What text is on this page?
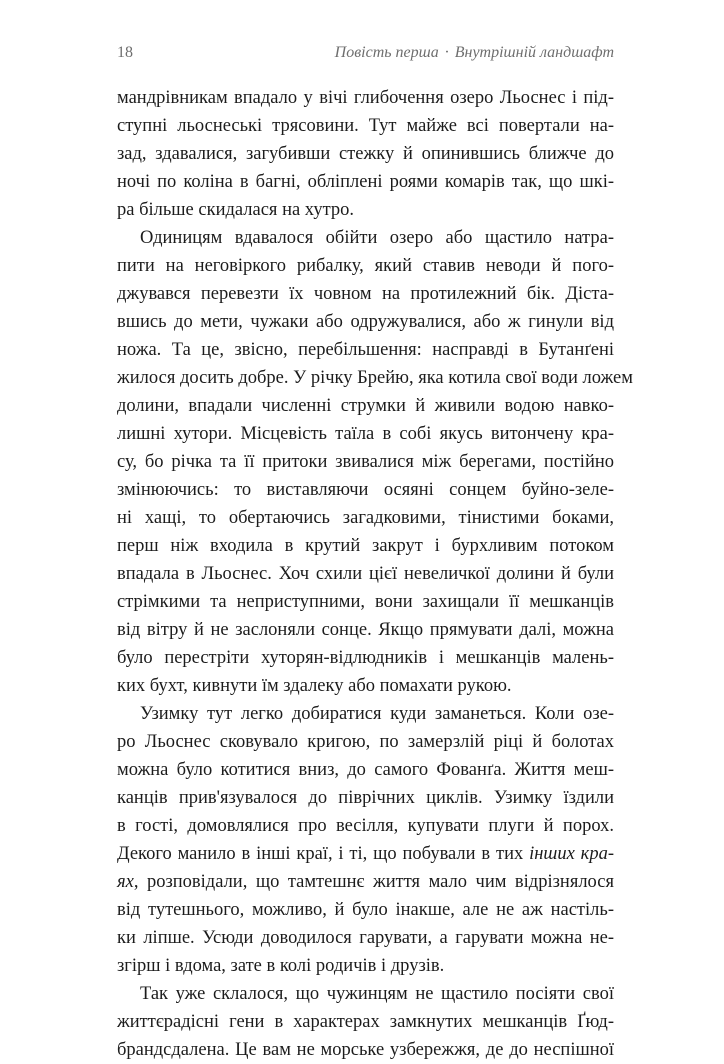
18	Повість перша · Внутрішній ландшафт
мандрівникам впадало у вічі глибочення озеро Льоснес і під-
ступні льоснеські трясовини. Тут майже всі повертали на-
зад, здавалися, загубивши стежку й опинившись ближче до
ночі по коліна в багні, обліплені роями комарів так, що шкі-
ра більше скидалася на хутро.
Одиницям вдавалося обійти озеро або щастило натра-
пити на неговіркого рибалку, який ставив неводи й пого-
джувався перевезти їх човном на протилежний бік. Діста-
вшись до мети, чужаки або одружувалися, або ж гинули від
ножа. Та це, звісно, перебільшення: насправді в Бутанґені
жилося досить добре. У річку Брейю, яка котила свої води ложем
долини, впадали численні струмки й живили водою навко-
лишні хутори. Місцевість таїла в собі якусь витончену кра-
су, бо річка та її притоки звивалися між берегами, постійно
змінюючись: то виставляючи осяяні сонцем буйно-зеле-
ні хащі, то обертаючись загадковими, тінистими боками,
перш ніж входила в крутий закрут і бурхливим потоком
впадала в Льоснес. Хоч схили цієї невеличкої долини й були
стрімкими та неприступними, вони захищали її мешканців
від вітру й не заслоняли сонце. Якщо прямувати далі, можна
було перестріти хуторян-відлюдників і мешканців малень-
ких бухт, кивнути їм здалеку або помахати рукою.
Узимку тут легко добиратися куди заманеться. Коли озе-
ро Льоснес сковувало кригою, по замерзлій ріці й болотах
можна було котитися вниз, до самого Фованґа. Життя меш-
канців прив'язувалося до піврічних циклів. Узимку їздили
в гості, домовлялися про весілля, купувати плуги й порох.
Декого манило в інші краї, і ті, що побували в тих інших кра-
ях, розповідали, що тамтешнє життя мало чим відрізнялося
від тутешнього, можливо, й було інакше, але не аж настіль-
ки ліпше. Усюди доводилося гарувати, а гарувати можна не-
згірш і вдома, зате в колі родичів і друзів.
Так уже склалося, що чужинцям не щастило посіяти свої
життєрадісні гени в характерах замкнутих мешканців Ґюд-
брандсдалена. Це вам не морське узбережжя, де до неспішної
